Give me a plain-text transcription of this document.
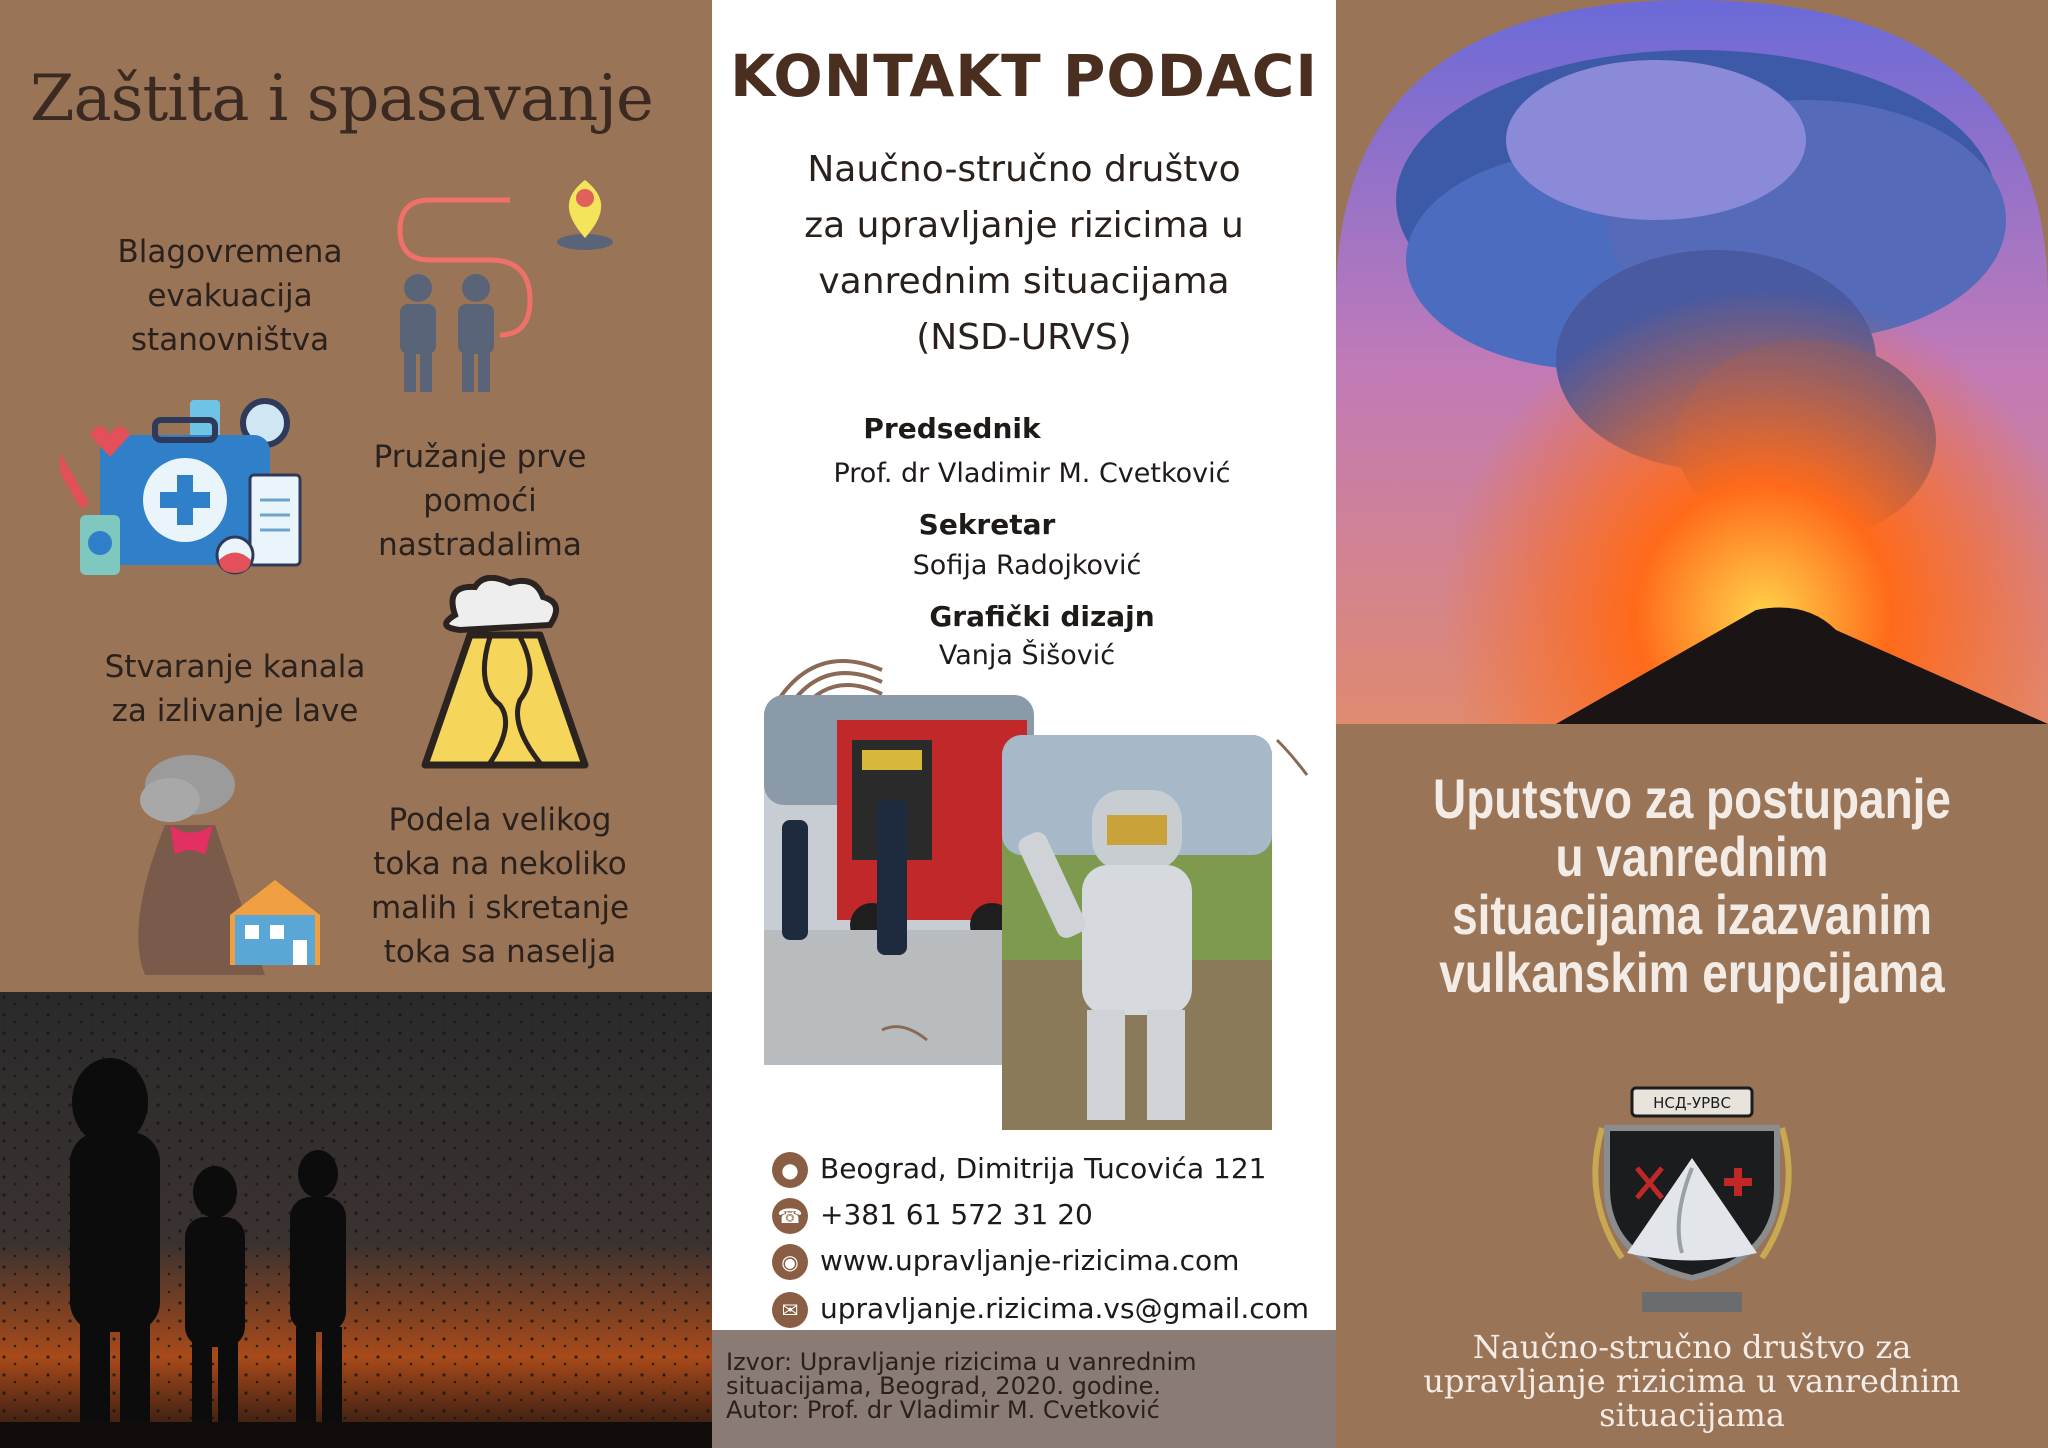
Zaštita i spasavanje
Blagovremena
evakuacija
stanovništva
Pružanje prve
pomoći
nastradalima
Stvaranje kanala
za izlivanje lave
Podela velikog
toka na nekoliko
malih i skretanje
toka sa naselja
KONTAKT PODACI
Naučno-stručno društvo
za upravljanje rizicima u
vanrednim situacijama
(NSD-URVS)
Predsednik
Prof. dr Vladimir M. Cvetković
Sekretar
Sofija Radojković
Grafički dizajn
Vanja Šišović
● Beograd, Dimitrija Tucovića 121
☎ +381 61 572 31 20
◉ www.upravljanje-rizicima.com
✉ upravljanje.rizicima.vs@gmail.com
Izvor: Upravljanje rizicima u vanrednim
situacijama, Beograd, 2020. godine.
Autor: Prof. dr Vladimir M. Cvetković
Uputstvo za postupanje
u vanrednim
situacijama izazvanim
vulkanskim erupcijama
НСД-УРВС
Naučno-stručno društvo za
upravljanje rizicima u vanrednim
situacijama
